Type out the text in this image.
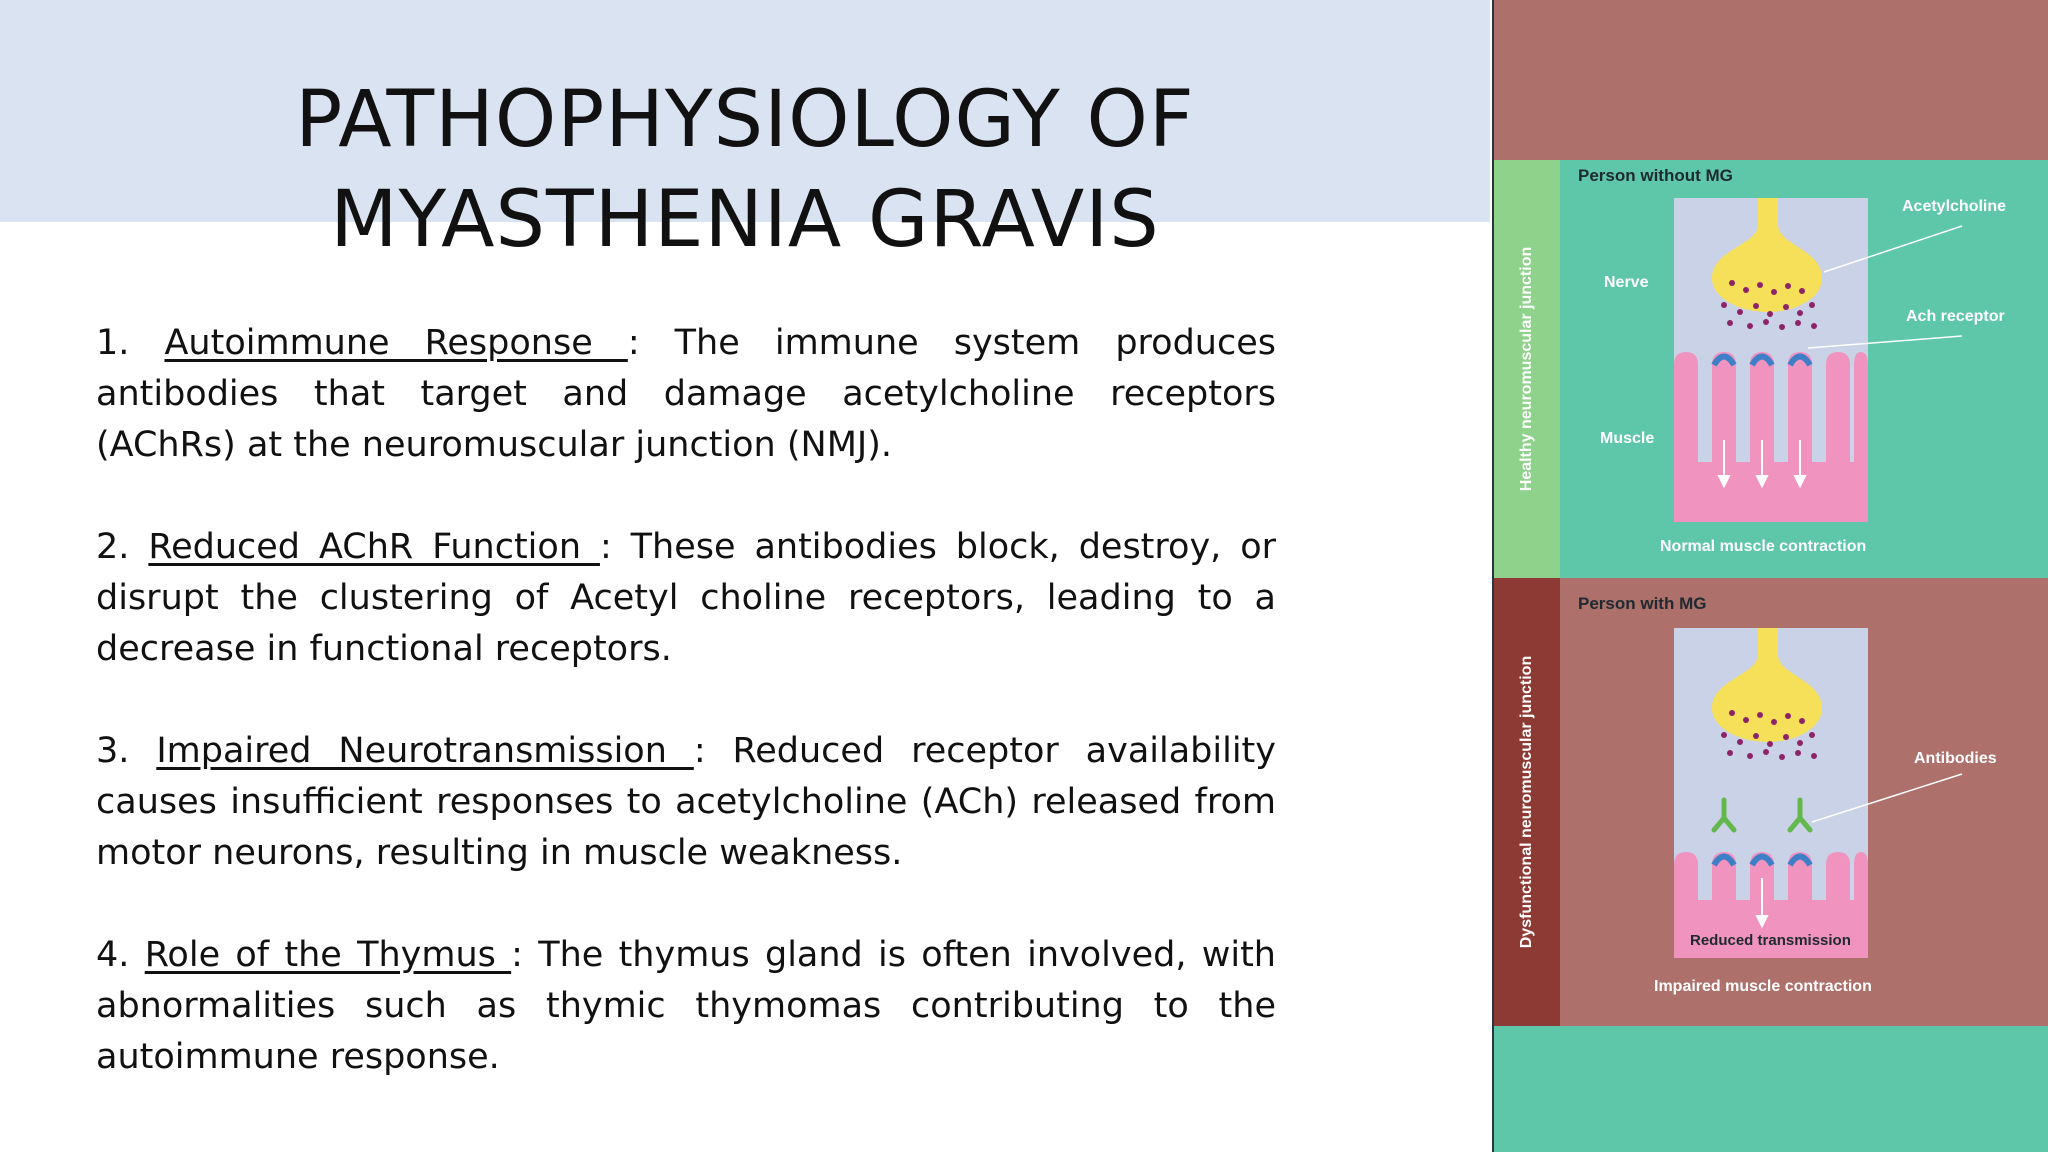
PATHOPHYSIOLOGY OF
MYASTHENIA GRAVIS

1. Autoimmune Response : The immune system produces antibodies that target and damage acetylcholine receptors (AChRs) at the neuromuscular junction (NMJ).

2. Reduced AChR Function : These antibodies block, destroy, or disrupt the clustering of Acetyl choline receptors, leading to a decrease in functional receptors.

3. Impaired Neurotransmission : Reduced receptor availability causes insufficient responses to acetylcholine (ACh) released from motor neurons, resulting in muscle weakness.

4. Role of the Thymus : The thymus gland is often involved, with abnormalities such as thymic thymomas contributing to the autoimmune response.

Healthy neuromuscular junction
Dysfunctional neuromuscular junction
Person without MG
Nerve
Muscle
Acetylcholine
Ach receptor
Normal muscle contraction
Person with MG
Antibodies
Reduced transmission
Impaired muscle contraction
